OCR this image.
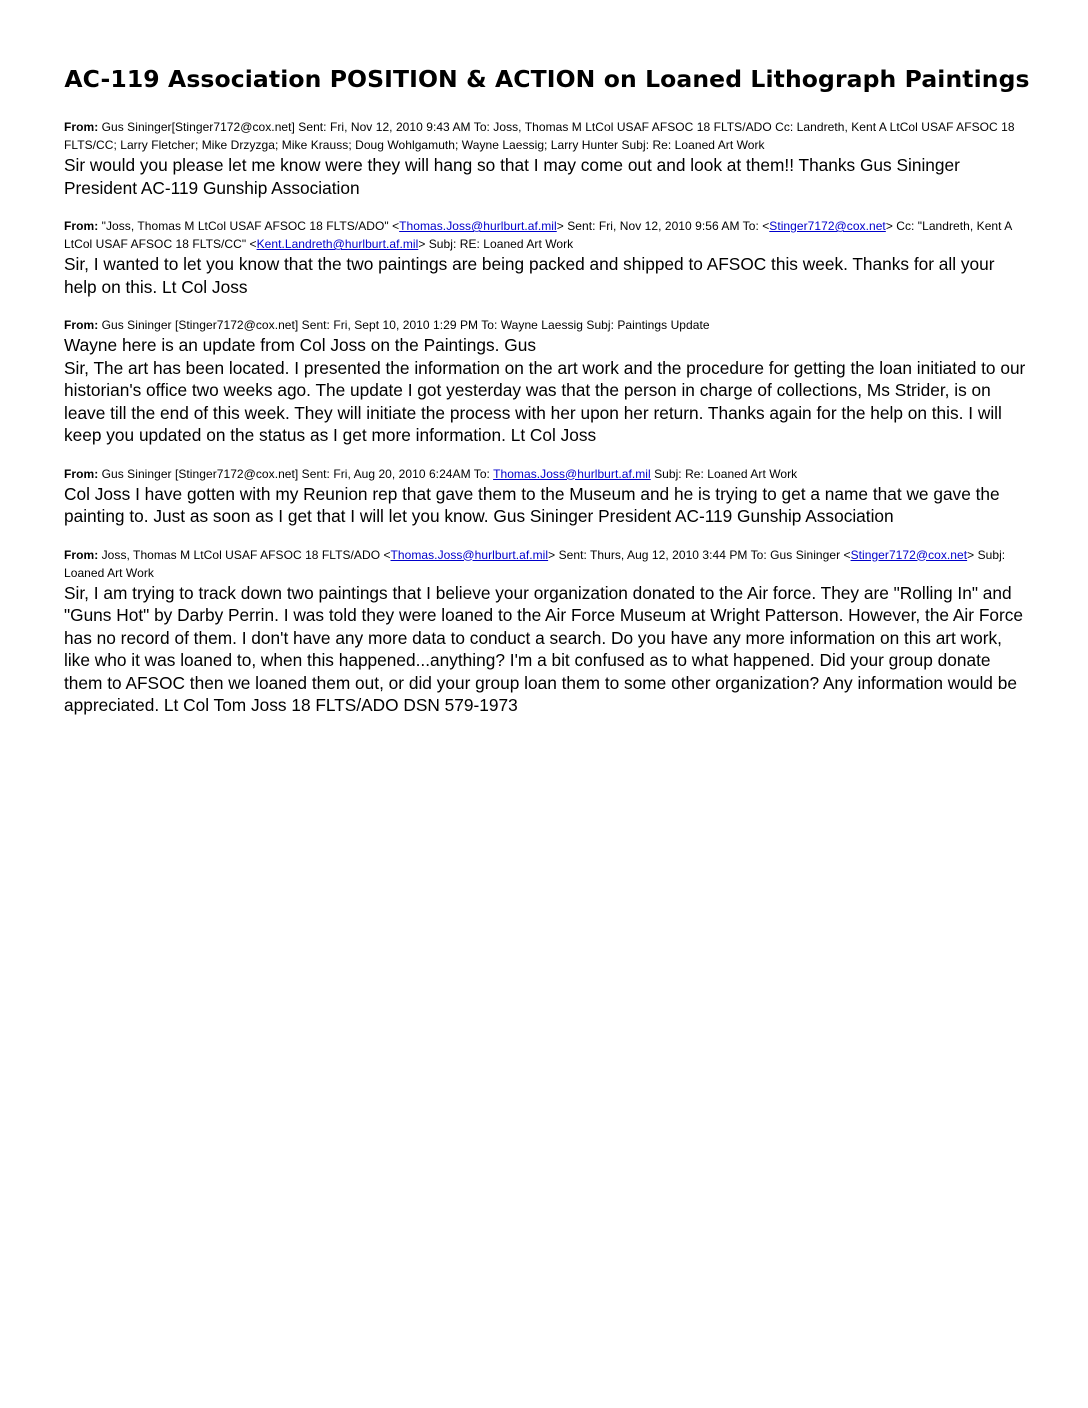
AC-119 Association POSITION & ACTION on Loaned Lithograph Paintings

From: Gus Sininger[Stinger7172@cox.net] Sent: Fri, Nov 12, 2010 9:43 AM To: Joss, Thomas M LtCol USAF AFSOC 18 FLTS/ADO Cc: Landreth, Kent A LtCol USAF AFSOC 18 FLTS/CC; Larry Fletcher; Mike Drzyzga; Mike Krauss; Doug Wohlgamuth; Wayne Laessig; Larry Hunter Subj: Re: Loaned Art Work

Sir would you please let me know were they will hang so that I may come out and look at them!! Thanks Gus Sininger President AC-119 Gunship Association

From: "Joss, Thomas M LtCol USAF AFSOC 18 FLTS/ADO" <Thomas.Joss@hurlburt.af.mil> Sent: Fri, Nov 12, 2010 9:56 AM To: <Stinger7172@cox.net> Cc: "Landreth, Kent A LtCol USAF AFSOC 18 FLTS/CC" <Kent.Landreth@hurlburt.af.mil> Subj: RE: Loaned Art Work

Sir, I wanted to let you know that the two paintings are being packed and shipped to AFSOC this week. Thanks for all your help on this. Lt Col Joss

From: Gus Sininger [Stinger7172@cox.net] Sent: Fri, Sept 10, 2010 1:29 PM To: Wayne Laessig Subj: Paintings Update

Wayne here is an update from Col Joss on the Paintings. Gus

Sir, The art has been located. I presented the information on the art work and the procedure for getting the loan initiated to our historian's office two weeks ago. The update I got yesterday was that the person in charge of collections, Ms Strider, is on leave till the end of this week. They will initiate the process with her upon her return. Thanks again for the help on this. I will keep you updated on the status as I get more information. Lt Col Joss

From: Gus Sininger [Stinger7172@cox.net] Sent: Fri, Aug 20, 2010 6:24AM To: Thomas.Joss@hurlburt.af.mil Subj: Re: Loaned Art Work

Col Joss I have gotten with my Reunion rep that gave them to the Museum and he is trying to get a name that we gave the painting to. Just as soon as I get that I will let you know. Gus Sininger President AC-119 Gunship Association

From: Joss, Thomas M LtCol USAF AFSOC 18 FLTS/ADO <Thomas.Joss@hurlburt.af.mil> Sent: Thurs, Aug 12, 2010 3:44 PM To: Gus Sininger <Stinger7172@cox.net> Subj: Loaned Art Work

Sir, I am trying to track down two paintings that I believe your organization donated to the Air force. They are "Rolling In" and "Guns Hot" by Darby Perrin. I was told they were loaned to the Air Force Museum at Wright Patterson. However, the Air Force has no record of them. I don't have any more data to conduct a search. Do you have any more information on this art work, like who it was loaned to, when this happened...anything? I'm a bit confused as to what happened. Did your group donate them to AFSOC then we loaned them out, or did your group loan them to some other organization? Any information would be appreciated. Lt Col Tom Joss 18 FLTS/ADO DSN 579-1973
